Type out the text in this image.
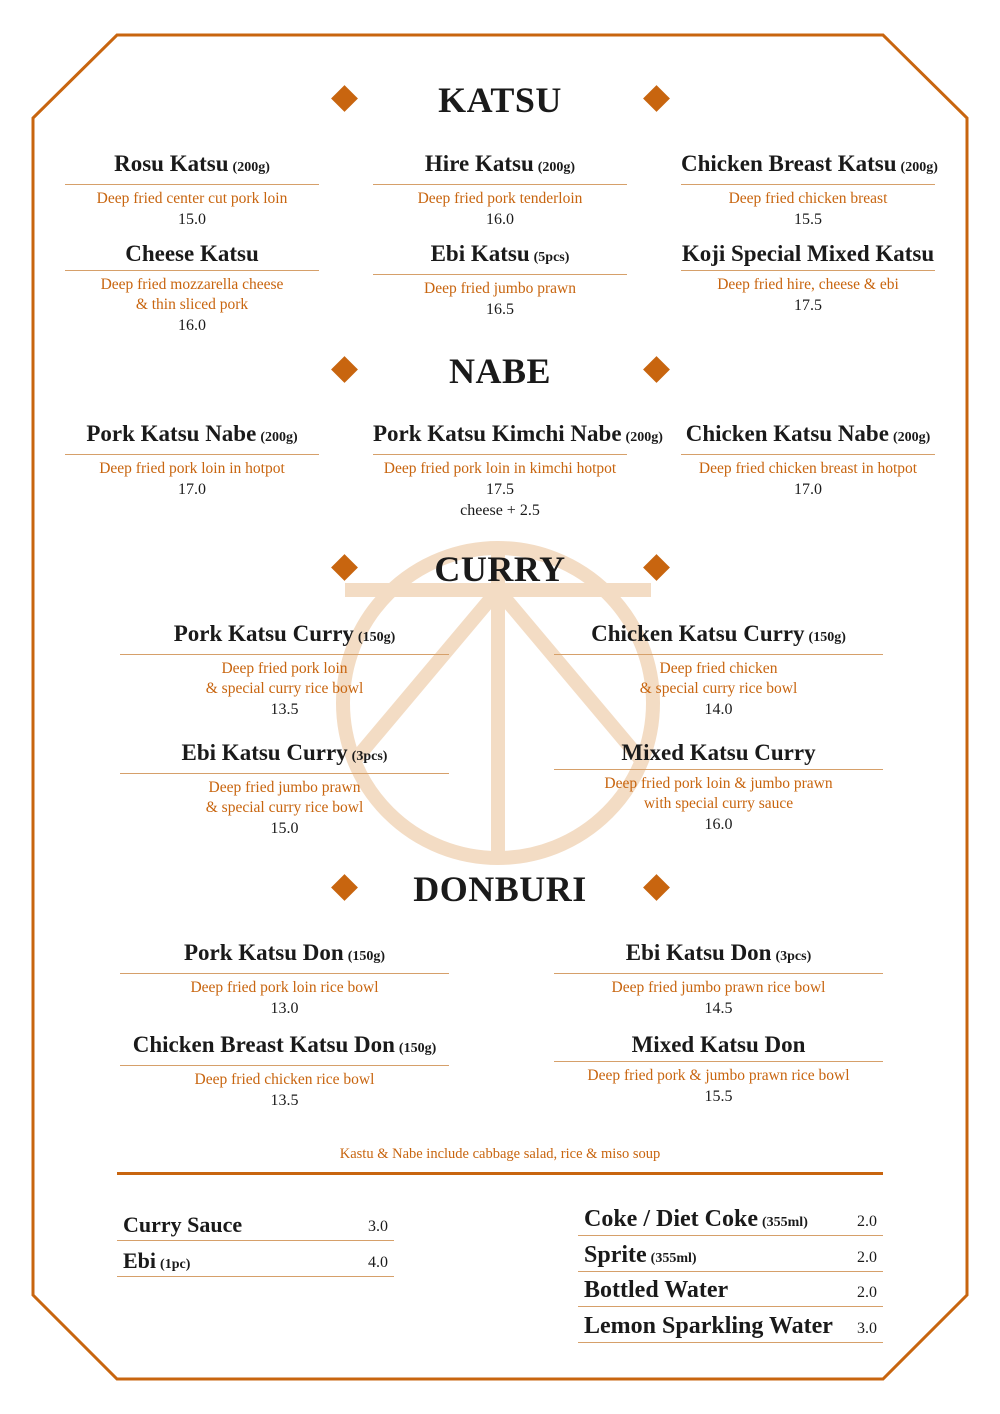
KATSU
NABE
CURRY
DONBURI
Rosu Katsu (200g)
Deep fried center cut pork loin
15.0
Hire Katsu (200g)
Deep fried pork tenderloin
16.0
Chicken Breast Katsu (200g)
Deep fried chicken breast
15.5
Cheese Katsu
Deep fried mozzarella cheese
& thin sliced pork
16.0
Ebi Katsu (5pcs)
Deep fried jumbo prawn
16.5
Koji Special Mixed Katsu
Deep fried hire, cheese & ebi
17.5
Pork Katsu Nabe (200g)
Deep fried pork loin in hotpot
17.0
Pork Katsu Kimchi Nabe (200g)
Deep fried pork loin in kimchi hotpot
17.5
cheese + 2.5
Chicken Katsu Nabe (200g)
Deep fried chicken breast in hotpot
17.0
Pork Katsu Curry (150g)
Deep fried pork loin
& special curry rice bowl
13.5
Chicken Katsu Curry (150g)
Deep fried chicken
& special curry rice bowl
14.0
Ebi Katsu Curry (3pcs)
Deep fried jumbo prawn
& special curry rice bowl
15.0
Mixed Katsu Curry
Deep fried pork loin & jumbo prawn
with special curry sauce
16.0
Pork Katsu Don (150g)
Deep fried pork loin rice bowl
13.0
Ebi Katsu Don (3pcs)
Deep fried jumbo prawn rice bowl
14.5
Chicken Breast Katsu Don (150g)
Deep fried chicken rice bowl
13.5
Mixed Katsu Don
Deep fried pork & jumbo prawn rice bowl
15.5
Kastu & Nabe include cabbage salad, rice & miso soup
Curry Sauce	3.0
Ebi (1pc)	4.0
Coke / Diet Coke (355ml)	2.0
Sprite (355ml)	2.0
Bottled Water	2.0
Lemon Sparkling Water 3.0
